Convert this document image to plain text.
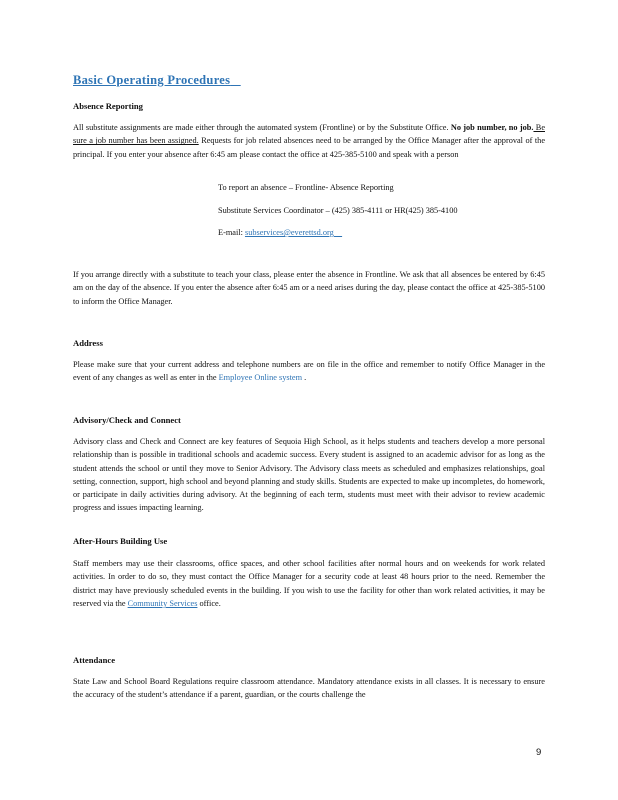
Basic Operating Procedures
Absence Reporting
All substitute assignments are made either through the automated system (Frontline) or by the Substitute Office. No job number, no job. Be sure a job number has been assigned. Requests for job related absences need to be arranged by the Office Manager after the approval of the principal. If you enter your absence after 6:45 am please contact the office at 425-385-5100 and speak with a person
To report an absence – Frontline- Absence Reporting
Substitute Services Coordinator – (425) 385-4111 or HR(425) 385-4100
E-mail: subservices@everettsd.org
If you arrange directly with a substitute to teach your class, please enter the absence in Frontline. We ask that all absences be entered by 6:45 am on the day of the absence. If you enter the absence after 6:45 am or a need arises during the day, please contact the office at 425-385-5100 to inform the Office Manager.
Address
Please make sure that your current address and telephone numbers are on file in the office and remember to notify Office Manager in the event of any changes as well as enter in the Employee Online system .
Advisory/Check and Connect
Advisory class and Check and Connect are key features of Sequoia High School, as it helps students and teachers develop a more personal relationship than is possible in traditional schools and academic success. Every student is assigned to an academic advisor for as long as the student attends the school or until they move to Senior Advisory. The Advisory class meets as scheduled and emphasizes relationships, goal setting, connection, support, high school and beyond planning and study skills. Students are expected to make up incompletes, do homework, or participate in daily activities during advisory. At the beginning of each term, students must meet with their advisor to review academic progress and issues impacting learning.
After-Hours Building Use
Staff members may use their classrooms, office spaces, and other school facilities after normal hours and on weekends for work related activities. In order to do so, they must contact the Office Manager for a security code at least 48 hours prior to the need. Remember the district may have previously scheduled events in the building. If you wish to use the facility for other than work related activities, it may be reserved via the Community Services office.
Attendance
State Law and School Board Regulations require classroom attendance. Mandatory attendance exists in all classes. It is necessary to ensure the accuracy of the student’s attendance if a parent, guardian, or the courts challenge the
9
